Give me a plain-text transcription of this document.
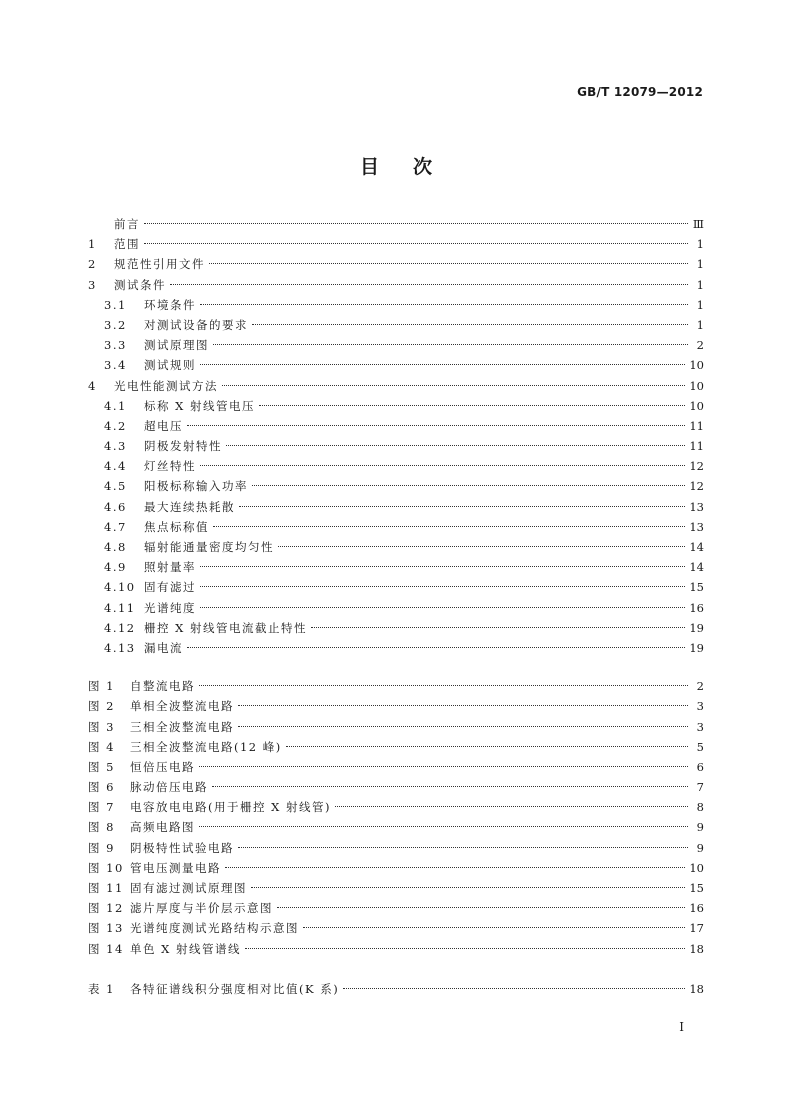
GB/T 12079—2012
目次
前言	Ⅲ
1	范围	1
2	规范性引用文件	1
3	测试条件	1
3.1	环境条件	1
3.2	对测试设备的要求	1
3.3	测试原理图	2
3.4	测试规则	10
4	光电性能测试方法	10
4.1	标称 X 射线管电压	10
4.2	超电压	11
4.3	阴极发射特性	11
4.4	灯丝特性	12
4.5	阳极标称输入功率	12
4.6	最大连续热耗散	13
4.7	焦点标称值	13
4.8	辐射能通量密度均匀性	14
4.9	照射量率	14
4.10 固有滤过	15
4.11 光谱纯度	16
4.12 栅控 X 射线管电流截止特性	19
4.13 漏电流	19
图 1	自整流电路	2
图 2	单相全波整流电路	3
图 3	三相全波整流电路	3
图 4	三相全波整流电路(12 峰)	5
图 5	恒倍压电路	6
图 6	脉动倍压电路	7
图 7	电容放电电路(用于栅控 X 射线管)	8
图 8	高频电路图	9
图 9	阴极特性试验电路	9
图 10 管电压测量电路	10
图 11 固有滤过测试原理图	15
图 12 滤片厚度与半价层示意图	16
图 13 光谱纯度测试光路结构示意图	17
图 14 单色 X 射线管谱线	18
表 1	各特征谱线积分强度相对比值(K 系)	18
I
